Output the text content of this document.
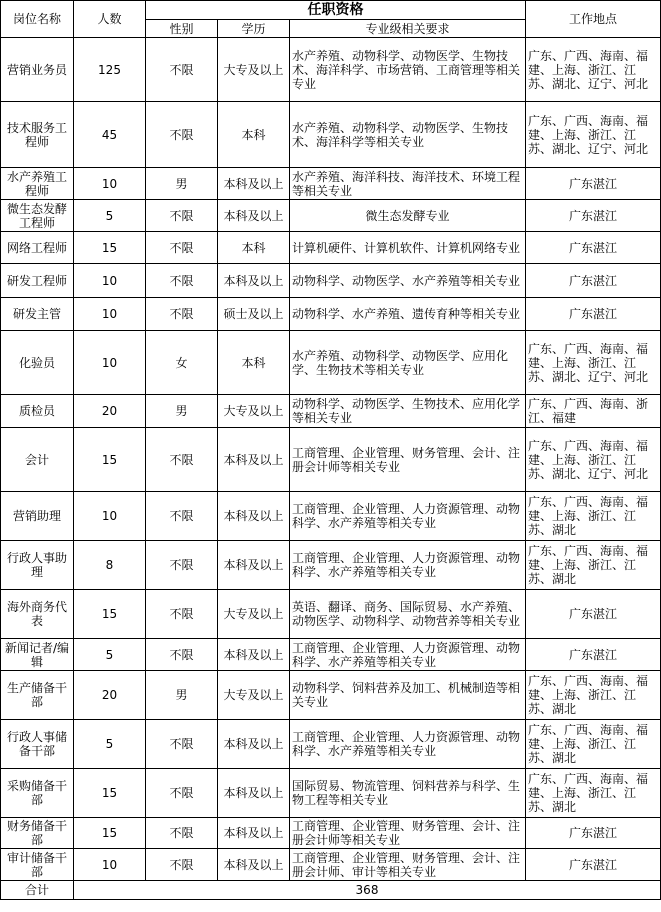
岗位名称	人数	任职资格			工作地点
		性别	学历	专业级相关要求	
营销业务员	125	不限	大专及以上	水产养殖、动物科学、动物医学、生物技术、海洋科学、市场营销、工商管理等相关专业	广东、广西、海南、福建、上海、浙江、江苏、湖北、辽宁、河北
技术服务工程师	45	不限	本科	水产养殖、动物科学、动物医学、生物技术、海洋科学等相关专业	广东、广西、海南、福建、上海、浙江、江苏、湖北、辽宁、河北
水产养殖工程师	10	男	本科及以上	水产养殖、海洋科技、海洋技术、环境工程等相关专业	广东湛江
微生态发酵工程师	5	不限	本科及以上	微生态发酵专业	广东湛江
网络工程师	15	不限	本科	计算机硬件、计算机软件、计算机网络专业	广东湛江
研发工程师	10	不限	本科及以上	动物科学、动物医学、水产养殖等相关专业	广东湛江
研发主管	10	不限	硕士及以上	动物科学、水产养殖、遗传育种等相关专业	广东湛江
化验员	10	女	本科	水产养殖、动物科学、动物医学、应用化学、生物技术等相关专业	广东、广西、海南、福建、上海、浙江、江苏、湖北、辽宁、河北
质检员	20	男	大专及以上	动物科学、动物医学、生物技术、应用化学等相关专业	广东、广西、海南、浙江、福建
会计	15	不限	本科及以上	工商管理、企业管理、财务管理、会计、注册会计师等相关专业	广东、广西、海南、福建、上海、浙江、江苏、湖北、辽宁、河北
营销助理	10	不限	本科及以上	工商管理、企业管理、人力资源管理、动物科学、水产养殖等相关专业	广东、广西、海南、福建、上海、浙江、江苏、湖北
行政人事助理	8	不限	本科及以上	工商管理、企业管理、人力资源管理、动物科学、水产养殖等相关专业	广东、广西、海南、福建、上海、浙江、江苏、湖北
海外商务代表	15	不限	大专及以上	英语、翻译、商务、国际贸易、水产养殖、动物医学、动物科学、动物营养等相关专业	广东湛江
新闻记者/编辑	5	不限	本科及以上	工商管理、企业管理、人力资源管理、动物科学、水产养殖等相关专业	广东湛江
生产储备干部	20	男	大专及以上	动物科学、饲料营养及加工、机械制造等相关专业	广东、广西、海南、福建、上海、浙江、江苏、湖北
行政人事储备干部	5	不限	本科及以上	工商管理、企业管理、人力资源管理、动物科学、水产养殖等相关专业	广东、广西、海南、福建、上海、浙江、江苏、湖北
采购储备干部	15	不限	本科及以上	国际贸易、物流管理、饲料营养与科学、生物工程等相关专业	广东、广西、海南、福建、上海、浙江、江苏、湖北
财务储备干部	15	不限	本科及以上	工商管理、企业管理、财务管理、会计、注册会计师等相关专业	广东湛江
审计储备干部	10	不限	本科及以上	工商管理、企业管理、财务管理、会计、注册会计师、审计等相关专业	广东湛江
合计	368				
